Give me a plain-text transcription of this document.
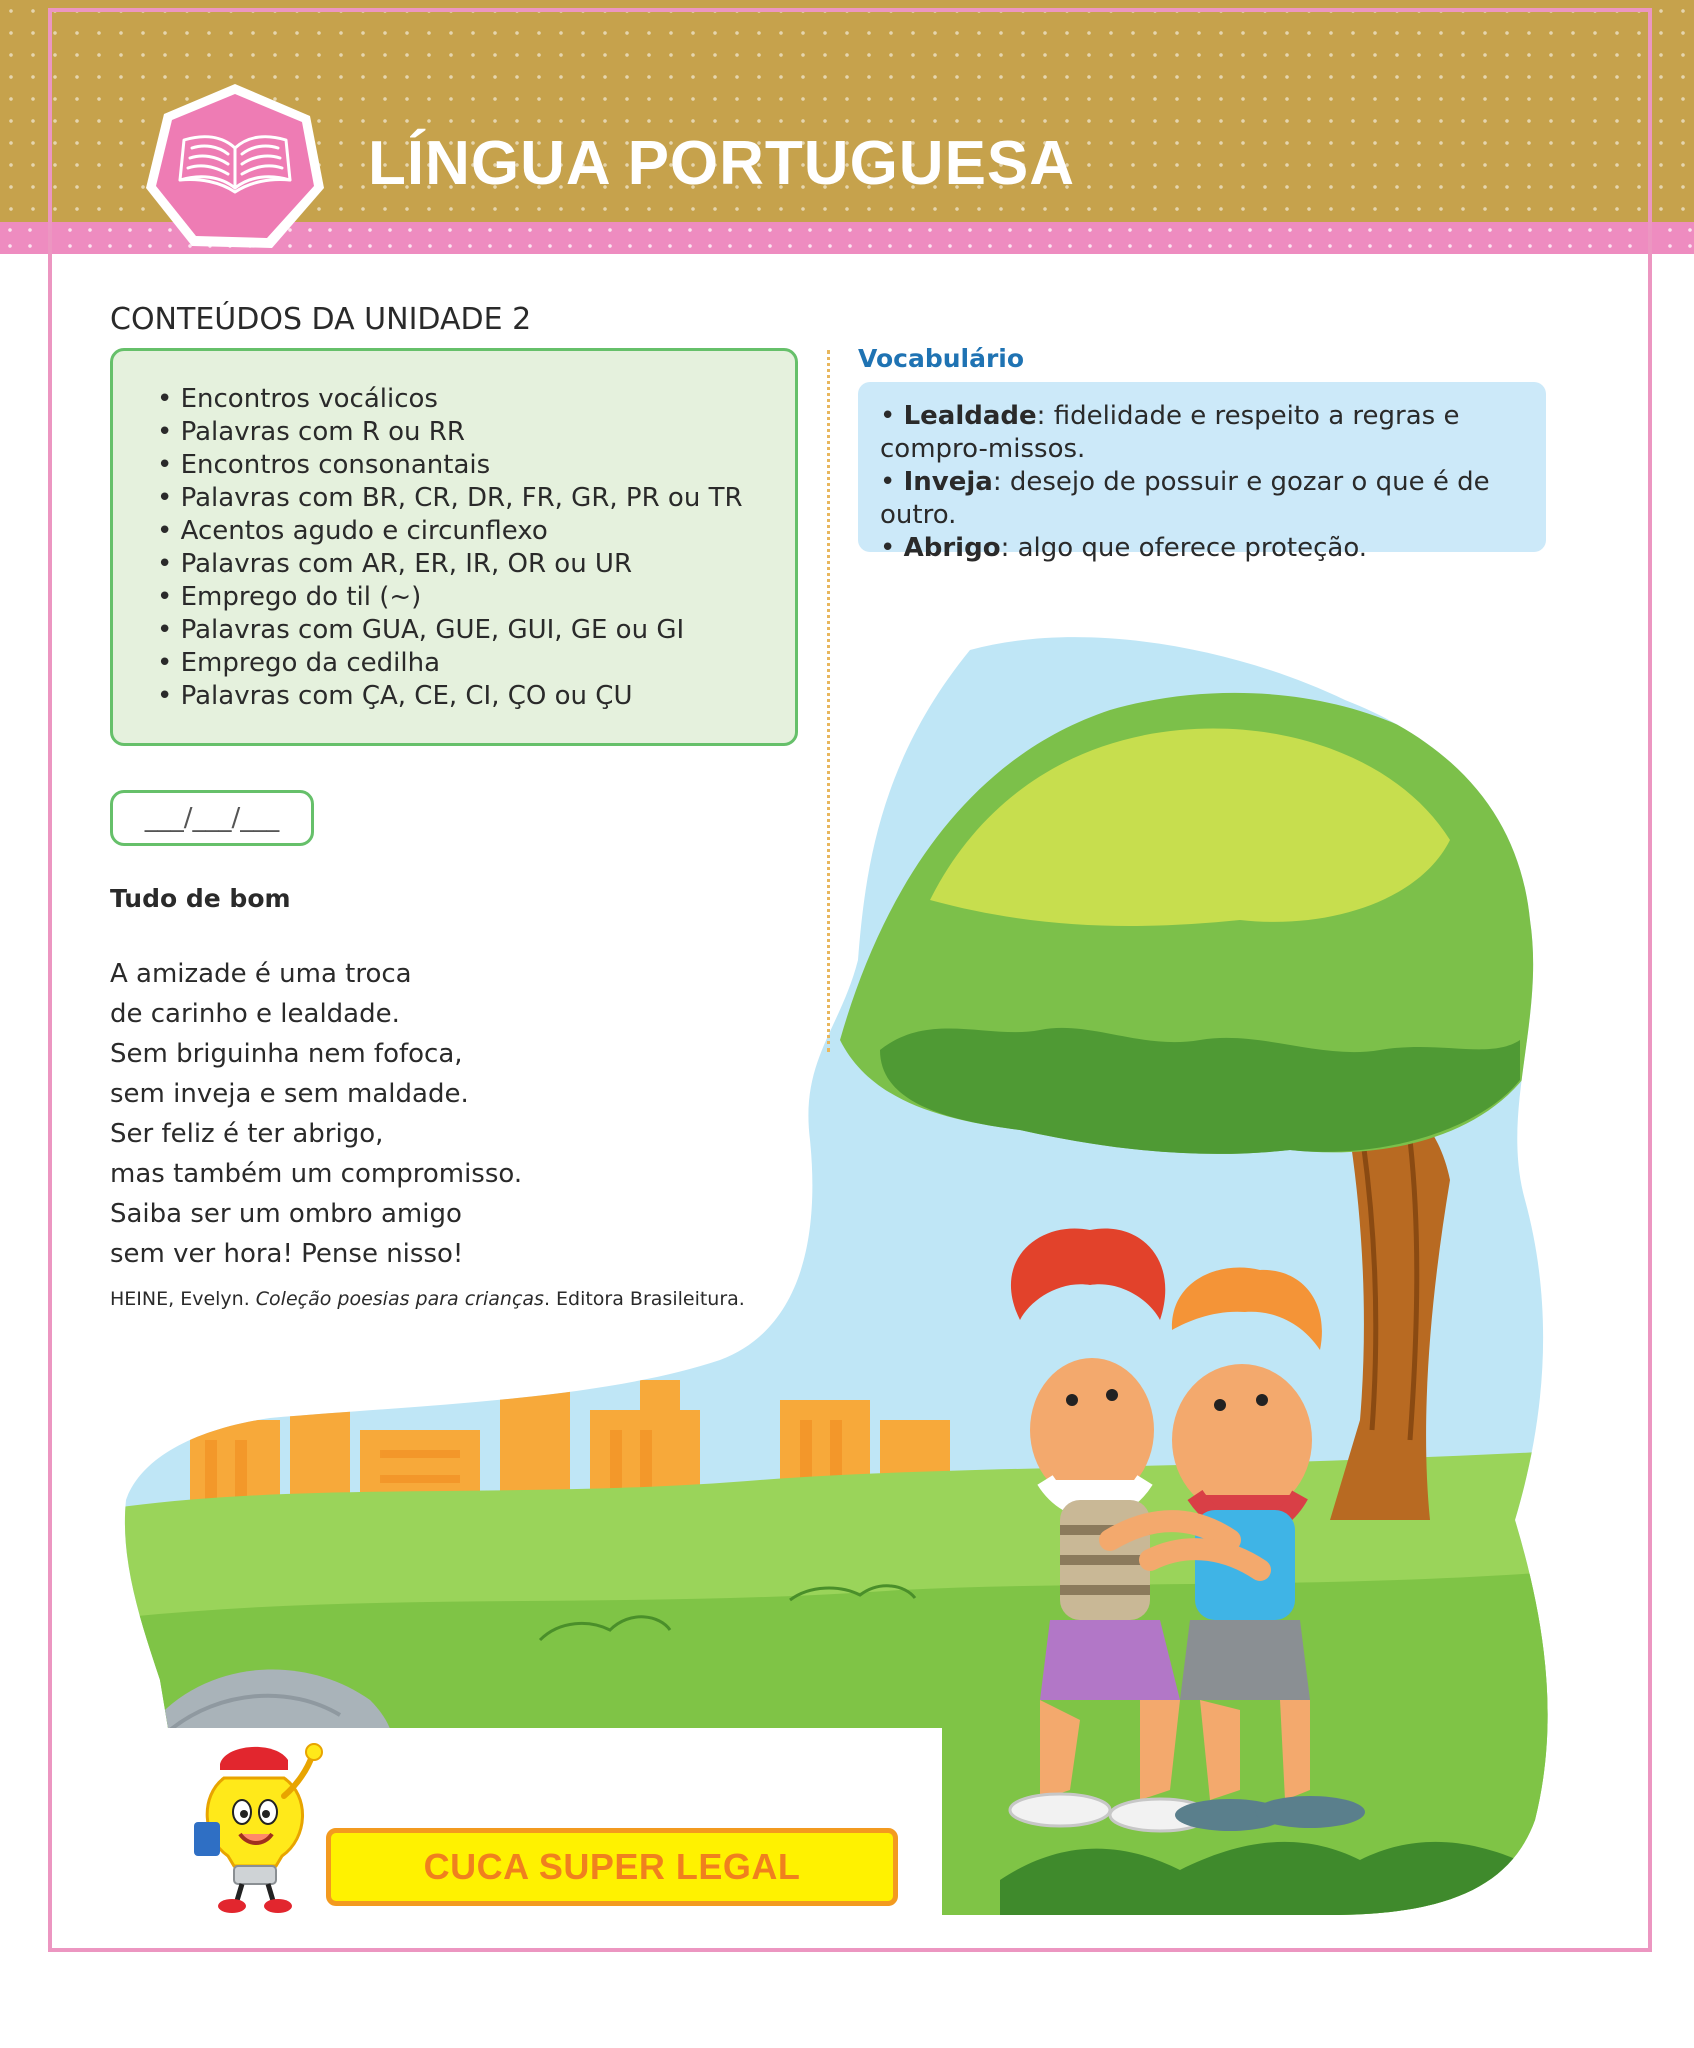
LÍNGUA PORTUGUESA
CONTEÚDOS DA UNIDADE 2
• Encontros vocálicos
• Palavras com R ou RR
• Encontros consonantais
• Palavras com BR, CR, DR, FR, GR, PR ou TR
• Acentos agudo e circunflexo
• Palavras com AR, ER, IR, OR ou UR
• Emprego do til (~)
• Palavras com GUA, GUE, GUI, GE ou GI
• Emprego da cedilha
• Palavras com ÇA, CE, CI, ÇO ou ÇU
Vocabulário
• Lealdade: fidelidade e respeito a regras e compro-missos.
• Inveja: desejo de possuir e gozar o que é de outro.
• Abrigo: algo que oferece proteção.
___/___/___
Tudo de bom
A amizade é uma troca
de carinho e lealdade.
Sem briguinha nem fofoca,
sem inveja e sem maldade.
Ser feliz é ter abrigo,
mas também um compromisso.
Saiba ser um ombro amigo
sem ver hora! Pense nisso!
HEINE, Evelyn. Coleção poesias para crianças. Editora Brasileitura.
CUCA SUPER LEGAL
